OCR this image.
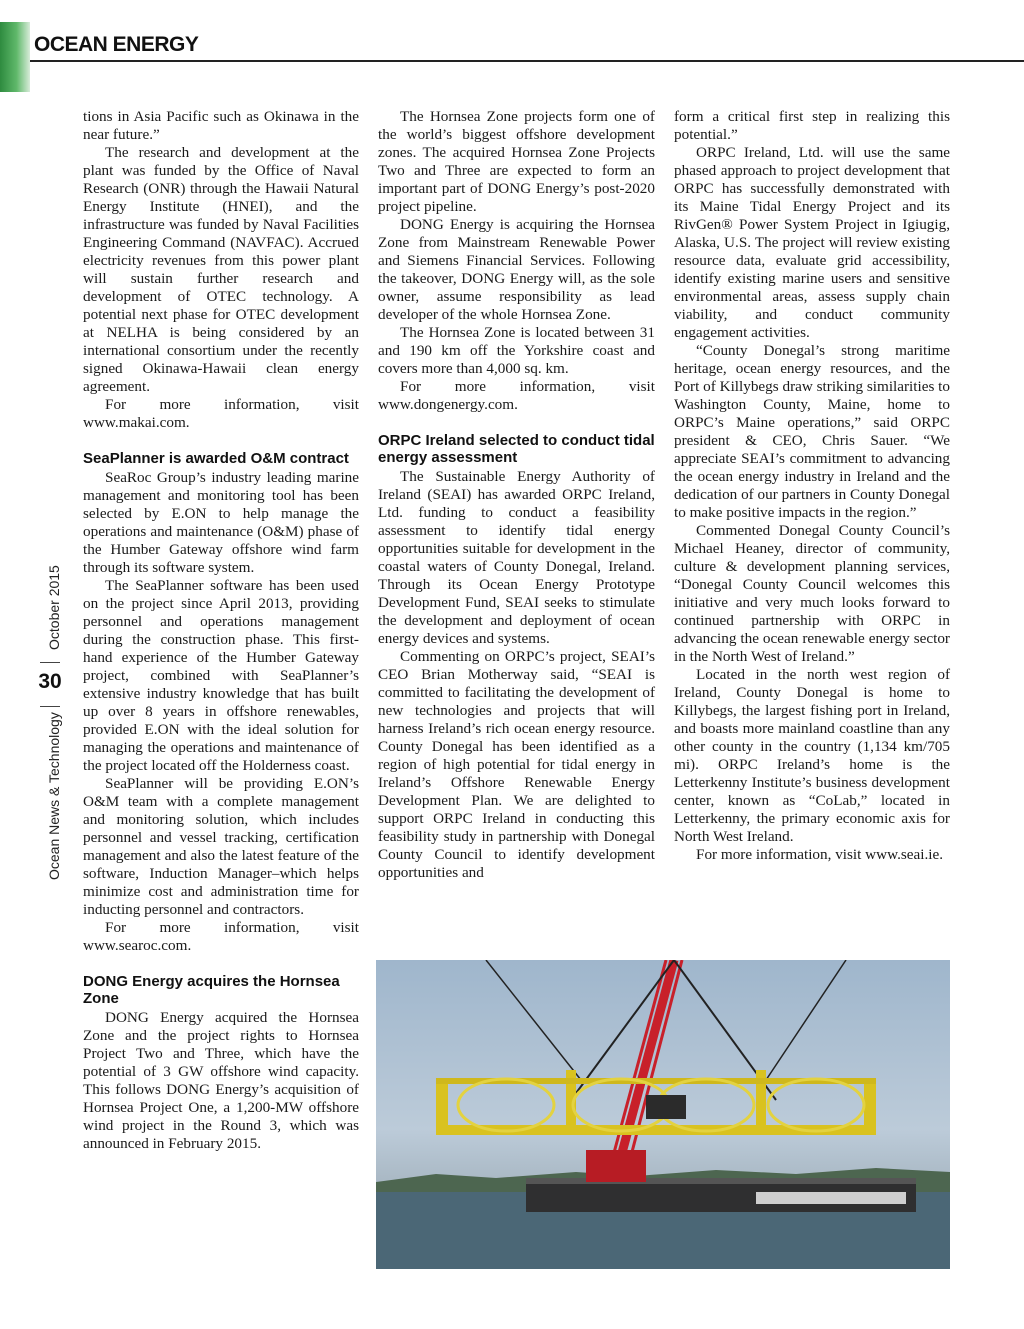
OCEAN ENERGY
October 2015
30
Ocean News & Technology

tions in Asia Pacific such as Okinawa in the near future.”

The research and development at the plant was funded by the Office of Naval Research (ONR) through the Hawaii Natural Energy Institute (HNEI), and the infrastructure was funded by Naval Facilities Engineering Command (NAVFAC). Accrued electricity revenues from this power plant will sustain further research and development of OTEC technology. A potential next phase for OTEC development at NELHA is being considered by an international consortium under the recently signed Okinawa-Hawaii clean energy agreement.

For more information, visit www.makai.com.

SeaPlanner is awarded O&M contract

SeaRoc Group’s industry leading marine management and monitoring tool has been selected by E.ON to help manage the operations and maintenance (O&M) phase of the Humber Gateway offshore wind farm through its software system.

The SeaPlanner software has been used on the project since April 2013, providing personnel and operations management during the construction phase. This first-hand experience of the Humber Gateway project, combined with SeaPlanner’s extensive industry knowledge that has built up over 8 years in offshore renewables, provided E.ON with the ideal solution for managing the operations and maintenance of the project located off the Holderness coast.

SeaPlanner will be providing E.ON’s O&M team with a complete management and monitoring solution, which includes personnel and vessel tracking, certification management and also the latest feature of the software, Induction Manager–which helps minimize cost and administration time for inducting personnel and contractors.

For more information, visit www.searoc.com.

DONG Energy acquires the Hornsea Zone

DONG Energy acquired the Hornsea Zone and the project rights to Hornsea Project Two and Three, which have the potential of 3 GW offshore wind capacity. This follows DONG Energy’s acquisition of Hornsea Project One, a 1,200-MW offshore wind project in the Round 3, which was announced in February 2015.

The Hornsea Zone projects form one of the world’s biggest offshore development zones. The acquired Hornsea Zone Projects Two and Three are expected to form an important part of DONG Energy’s post-2020 project pipeline.

DONG Energy is acquiring the Hornsea Zone from Mainstream Renewable Power and Siemens Financial Services. Following the takeover, DONG Energy will, as the sole owner, assume responsibility as lead developer of the whole Hornsea Zone.

The Hornsea Zone is located between 31 and 190 km off the Yorkshire coast and covers more than 4,000 sq. km.

For more information, visit www.dongenergy.com.

ORPC Ireland selected to conduct tidal energy assessment

The Sustainable Energy Authority of Ireland (SEAI) has awarded ORPC Ireland, Ltd. funding to conduct a feasibility assessment to identify tidal energy opportunities suitable for development in the coastal waters of County Donegal, Ireland. Through its Ocean Energy Prototype Development Fund, SEAI seeks to stimulate the development and deployment of ocean energy devices and systems.

Commenting on ORPC’s project, SEAI’s CEO Brian Motherway said, “SEAI is committed to facilitating the development of new technologies and projects that will harness Ireland’s rich ocean energy resource. County Donegal has been identified as a region of high potential for tidal energy in Ireland’s Offshore Renewable Energy Development Plan. We are delighted to support ORPC Ireland in conducting this feasibility study in partnership with Donegal County Council to identify development opportunities and

form a critical first step in realizing this potential.”

ORPC Ireland, Ltd. will use the same phased approach to project development that ORPC has successfully demonstrated with its Maine Tidal Energy Project and its RivGen® Power System Project in Igiugig, Alaska, U.S. The project will review existing resource data, evaluate grid accessibility, identify existing marine users and sensitive environmental areas, assess supply chain viability, and conduct community engagement activities.

“County Donegal’s strong maritime heritage, ocean energy resources, and the Port of Killybegs draw striking similarities to Washington County, Maine, home to ORPC’s Maine operations,” said ORPC president & CEO, Chris Sauer. “We appreciate SEAI’s commitment to advancing the ocean energy industry in Ireland and the dedication of our partners in County Donegal to make positive impacts in the region.”

Commented Donegal County Council’s Michael Heaney, director of community, culture & development planning services, “Donegal County Council welcomes this initiative and very much looks forward to continued partnership with ORPC in advancing the ocean renewable energy sector in the North West of Ireland.”

Located in the north west region of Ireland, County Donegal is home to Killybegs, the largest fishing port in Ireland, and boasts more mainland coastline than any other county in the country (1,134 km/705 mi). ORPC Ireland’s home is the Letterkenny Institute’s business development center, known as “CoLab,” located in Letterkenny, the primary economic axis for North West Ireland.

For more information, visit www.seai.ie.
